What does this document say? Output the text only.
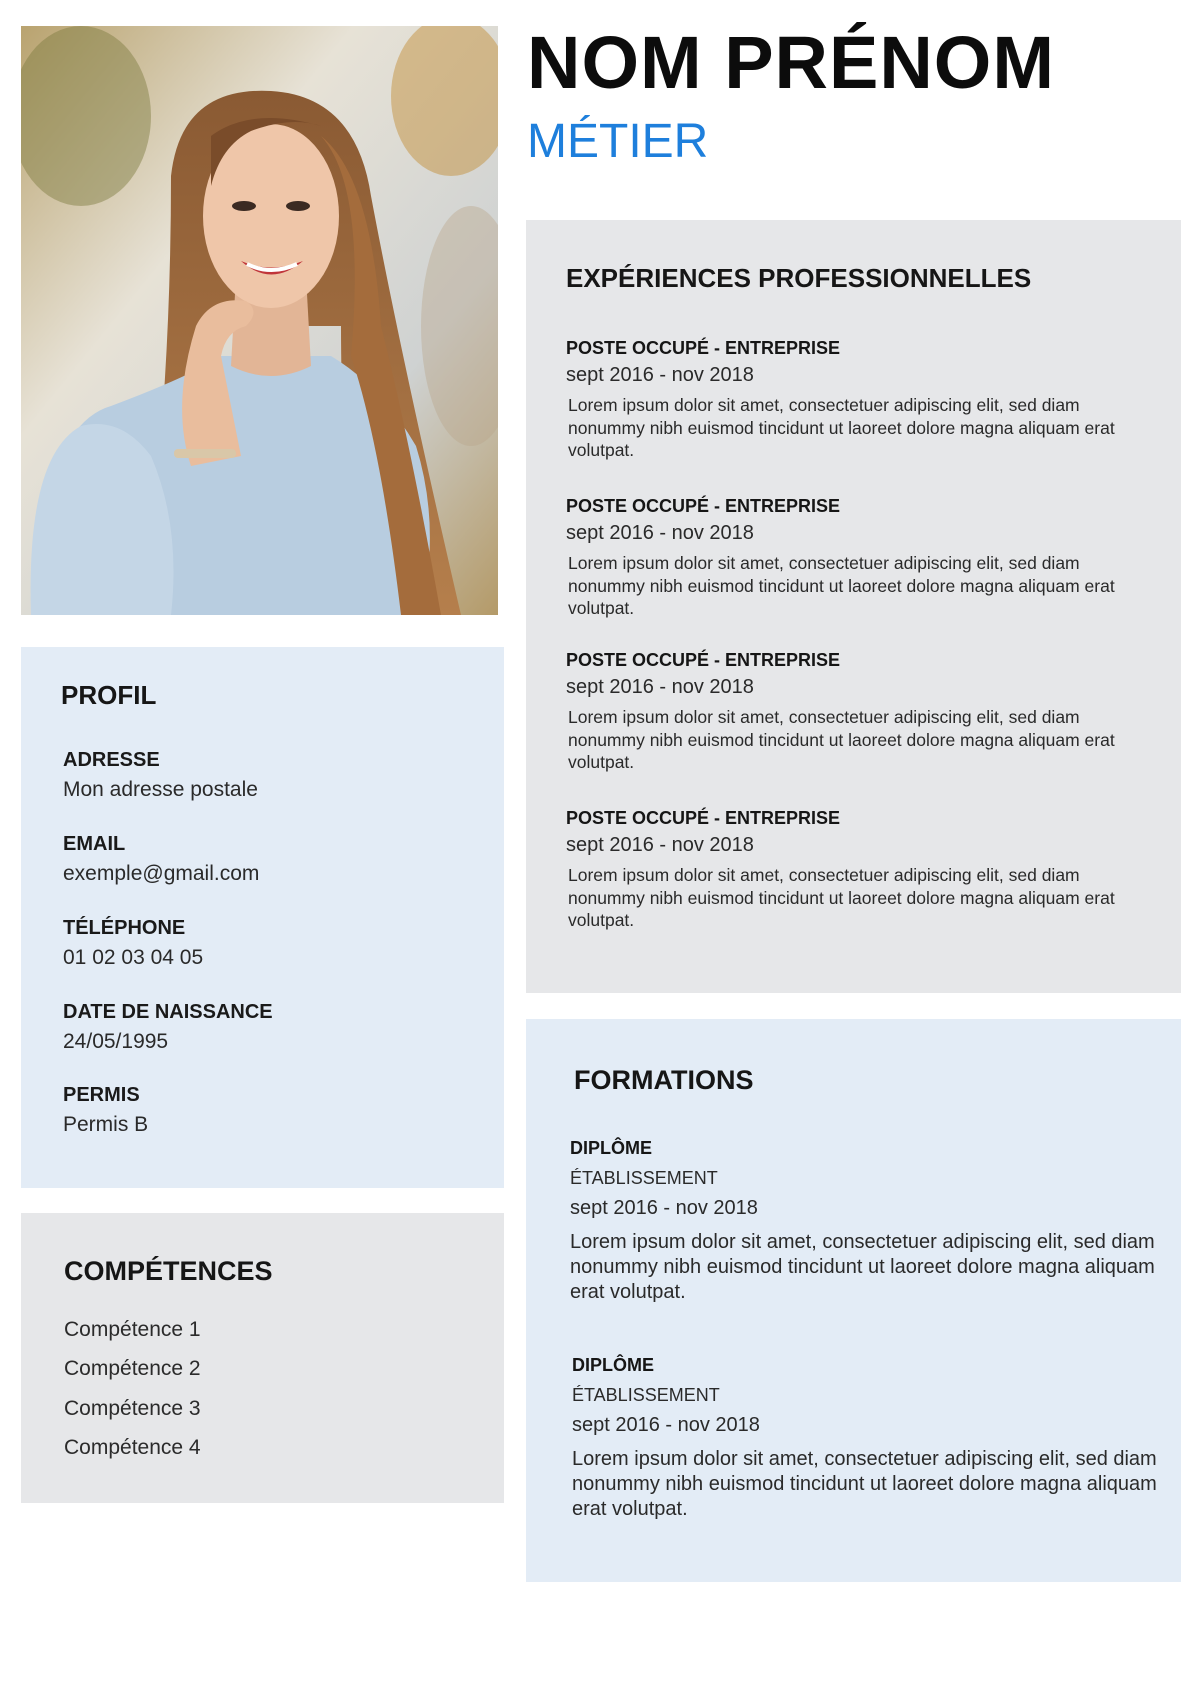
NOM PRÉNOM
MÉTIER
PROFIL
ADRESSE
Mon adresse postale
EMAIL
exemple@gmail.com
TÉLÉPHONE
01 02 03 04 05
DATE DE NAISSANCE
24/05/1995
PERMIS
Permis B
COMPÉTENCES
Compétence 1
Compétence 2
Compétence 3
Compétence 4
EXPÉRIENCES PROFESSIONNELLES
POSTE OCCUPÉ - ENTREPRISE
sept 2016 - nov 2018
Lorem ipsum dolor sit amet, consectetuer adipiscing elit, sed diam nonummy nibh euismod tincidunt ut laoreet dolore magna aliquam erat volutpat.
POSTE OCCUPÉ - ENTREPRISE
sept 2016 - nov 2018
Lorem ipsum dolor sit amet, consectetuer adipiscing elit, sed diam nonummy nibh euismod tincidunt ut laoreet dolore magna aliquam erat volutpat.
POSTE OCCUPÉ - ENTREPRISE
sept 2016 - nov 2018
Lorem ipsum dolor sit amet, consectetuer adipiscing elit, sed diam nonummy nibh euismod tincidunt ut laoreet dolore magna aliquam erat volutpat.
POSTE OCCUPÉ - ENTREPRISE
sept 2016 - nov 2018
Lorem ipsum dolor sit amet, consectetuer adipiscing elit, sed diam nonummy nibh euismod tincidunt ut laoreet dolore magna aliquam erat volutpat.
FORMATIONS
DIPLÔME
ÉTABLISSEMENT
sept 2016 - nov 2018
Lorem ipsum dolor sit amet, consectetuer adipiscing elit, sed diam nonummy nibh euismod tincidunt ut laoreet dolore magna aliquam erat volutpat.
DIPLÔME
ÉTABLISSEMENT
sept 2016 - nov 2018
Lorem ipsum dolor sit amet, consectetuer adipiscing elit, sed diam nonummy nibh euismod tincidunt ut laoreet dolore magna aliquam erat volutpat.
